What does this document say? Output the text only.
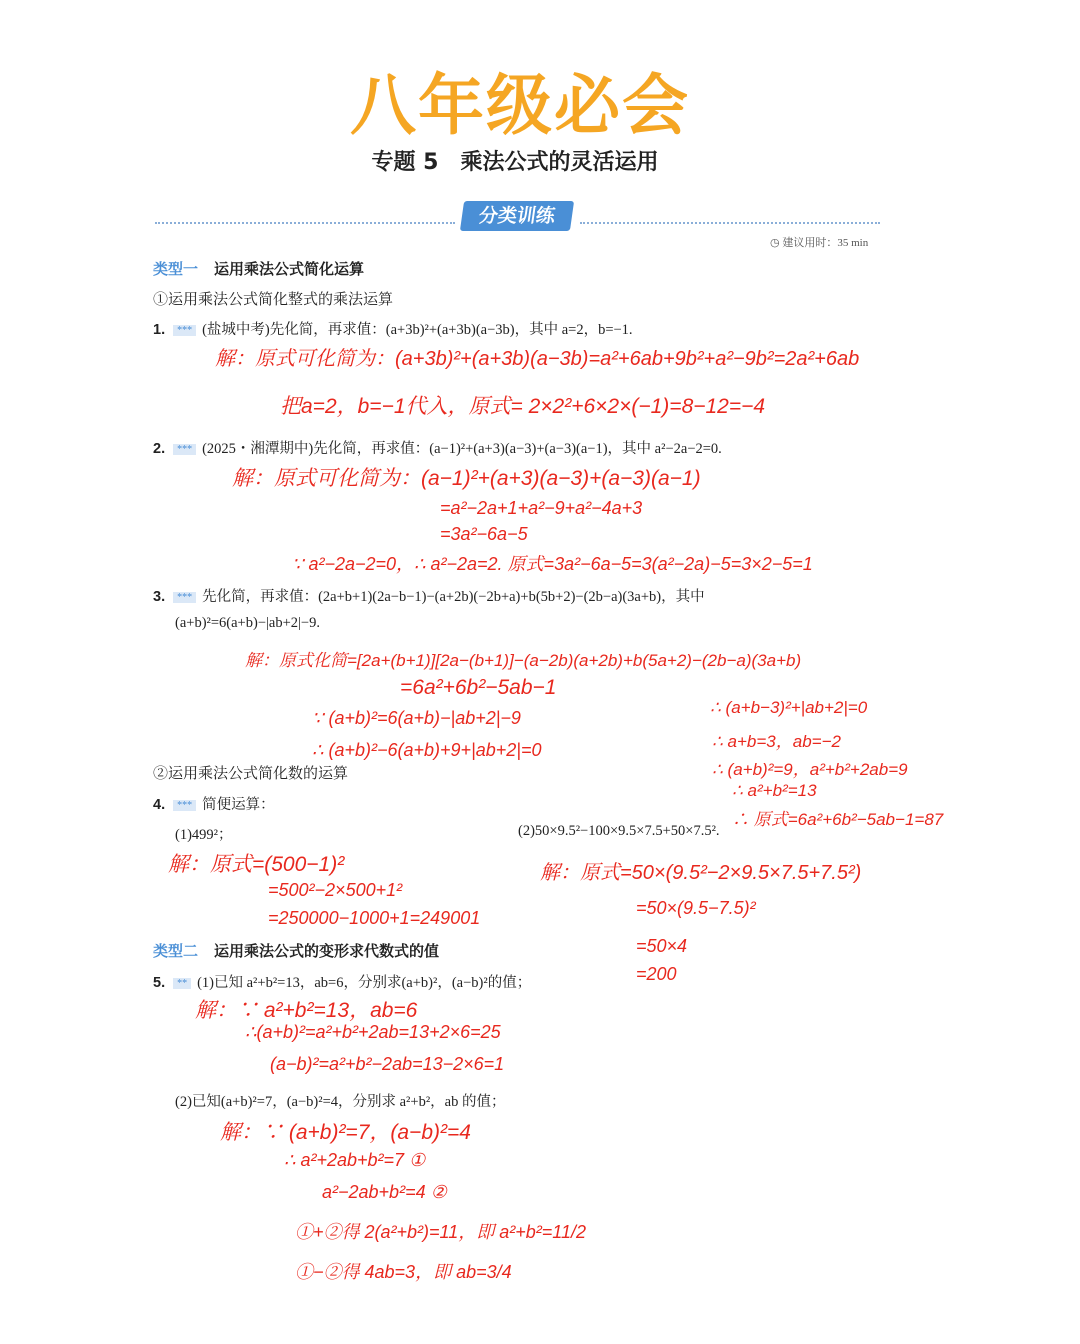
八年级必会
专题 5　乘法公式的灵活运用
分类训练
◷ 建议用时：35 min
类型一 运用乘法公式简化运算
①运用乘法公式简化整式的乘法运算
1. *** (盐城中考)先化简，再求值：(a+3b)²+(a+3b)(a−3b)，其中 a=2，b=−1.
解：原式可化简为：(a+3b)²+(a+3b)(a−3b)=a²+6ab+9b²+a²−9b²=2a²+6ab
把a=2，b=−1代入，原式= 2×2²+6×2×(−1)=8−12=−4
2. *** (2025・湘潭期中)先化简，再求值：(a−1)²+(a+3)(a−3)+(a−3)(a−1)，其中 a²−2a−2=0.
解：原式可化简为：(a−1)²+(a+3)(a−3)+(a−3)(a−1)
=a²−2a+1+a²−9+a²−4a+3
=3a²−6a−5
∵ a²−2a−2=0，∴ a²−2a=2. 原式=3a²−6a−5=3(a²−2a)−5=3×2−5=1
3. *** 先化简，再求值：(2a+b+1)(2a−b−1)−(a+2b)(−2b+a)+b(5b+2)−(2b−a)(3a+b)，其中
(a+b)²=6(a+b)−|ab+2|−9.
解：原式化简=[2a+(b+1)][2a−(b+1)]−(a−2b)(a+2b)+b(5a+2)−(2b−a)(3a+b)
=6a²+6b²−5ab−1
∵ (a+b)²=6(a+b)−|ab+2|−9
∴ (a+b)²−6(a+b)+9+|ab+2|=0
∴ (a+b−3)²+|ab+2|=0
∴ a+b=3，ab=−2
∴ (a+b)²=9，a²+b²+2ab=9
∴ a²+b²=13
∴ 原式=6a²+6b²−5ab−1=87
②运用乘法公式简化数的运算
4. *** 简便运算：
(1)499²；	(2)50×9.5²−100×9.5×7.5+50×7.5².
解：原式=(500−1)²
=500²−2×500+1²
=250000−1000+1=249001
解：原式=50×(9.5²−2×9.5×7.5+7.5²)
=50×(9.5−7.5)²
=50×4
=200
类型二 运用乘法公式的变形求代数式的值
5. ** (1)已知 a²+b²=13，ab=6，分别求(a+b)²，(a−b)²的值；
解：∵ a²+b²=13，ab=6
∴(a+b)²=a²+b²+2ab=13+2×6=25
(a−b)²=a²+b²−2ab=13−2×6=1
(2)已知(a+b)²=7，(a−b)²=4，分别求 a²+b²，ab 的值；
解：∵ (a+b)²=7，(a−b)²=4
∴ a²+2ab+b²=7 ①
a²−2ab+b²=4 ②
①+②得 2(a²+b²)=11，即 a²+b²=11/2
①−②得 4ab=3，即 ab=3/4
